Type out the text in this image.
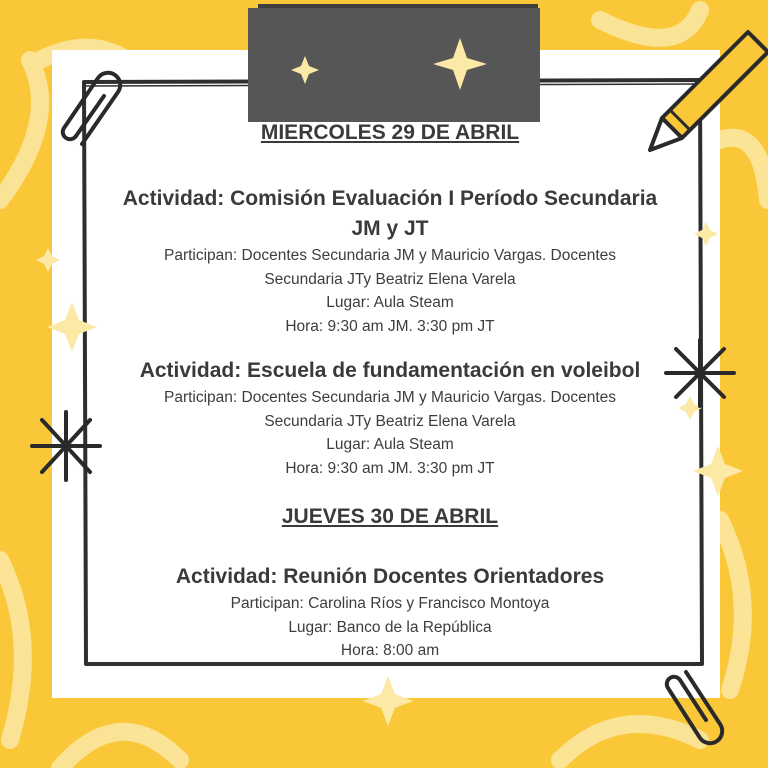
MIERCOLES 29 DE ABRIL

Actividad: Comisión Evaluación I Período Secundaria

JM y JT

Participan: Docentes Secundaria JM y Mauricio Vargas. Docentes

Secundaria JTy Beatriz Elena Varela

Lugar: Aula Steam

Hora: 9:30 am JM. 3:30 pm JT

Actividad: Escuela de fundamentación en voleibol

Participan: Docentes Secundaria JM y Mauricio Vargas. Docentes

Secundaria JTy Beatriz Elena Varela

Lugar: Aula Steam

Hora: 9:30 am JM. 3:30 pm JT

JUEVES 30 DE ABRIL

Actividad: Reunión Docentes Orientadores

Participan: Carolina Ríos y Francisco Montoya

Lugar: Banco de la República

Hora: 8:00 am
